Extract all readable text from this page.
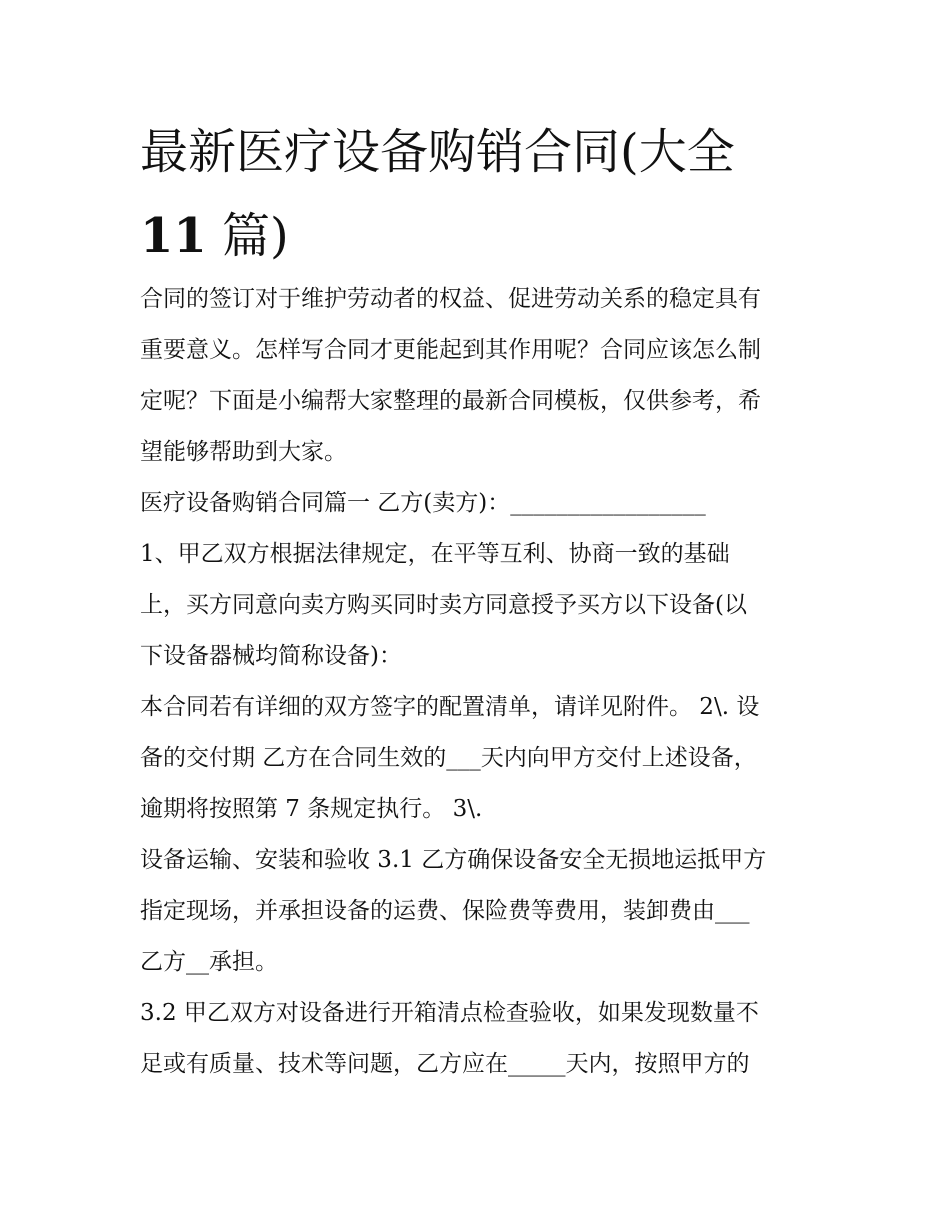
最新医疗设备购销合同(大全
11 篇)
合同的签订对于维护劳动者的权益、促进劳动关系的稳定具有
重要意义。怎样写合同才更能起到其作用呢？合同应该怎么制
定呢？下面是小编帮大家整理的最新合同模板，仅供参考，希
望能够帮助到大家。
医疗设备购销合同篇一 乙方(卖方)：_________________
1、甲乙双方根据法律规定，在平等互利、协商一致的基础
上，买方同意向卖方购买同时卖方同意授予买方以下设备(以
下设备器械均简称设备)：
本合同若有详细的双方签字的配置清单，请详见附件。 2\. 设
备的交付期 乙方在合同生效的___天内向甲方交付上述设备，
逾期将按照第 7 条规定执行。 3\.
设备运输、安装和验收 3.1 乙方确保设备安全无损地运抵甲方
指定现场，并承担设备的运费、保险费等费用，装卸费由___
乙方__承担。
3.2 甲乙双方对设备进行开箱清点检查验收，如果发现数量不
足或有质量、技术等问题，乙方应在_____天内，按照甲方的
